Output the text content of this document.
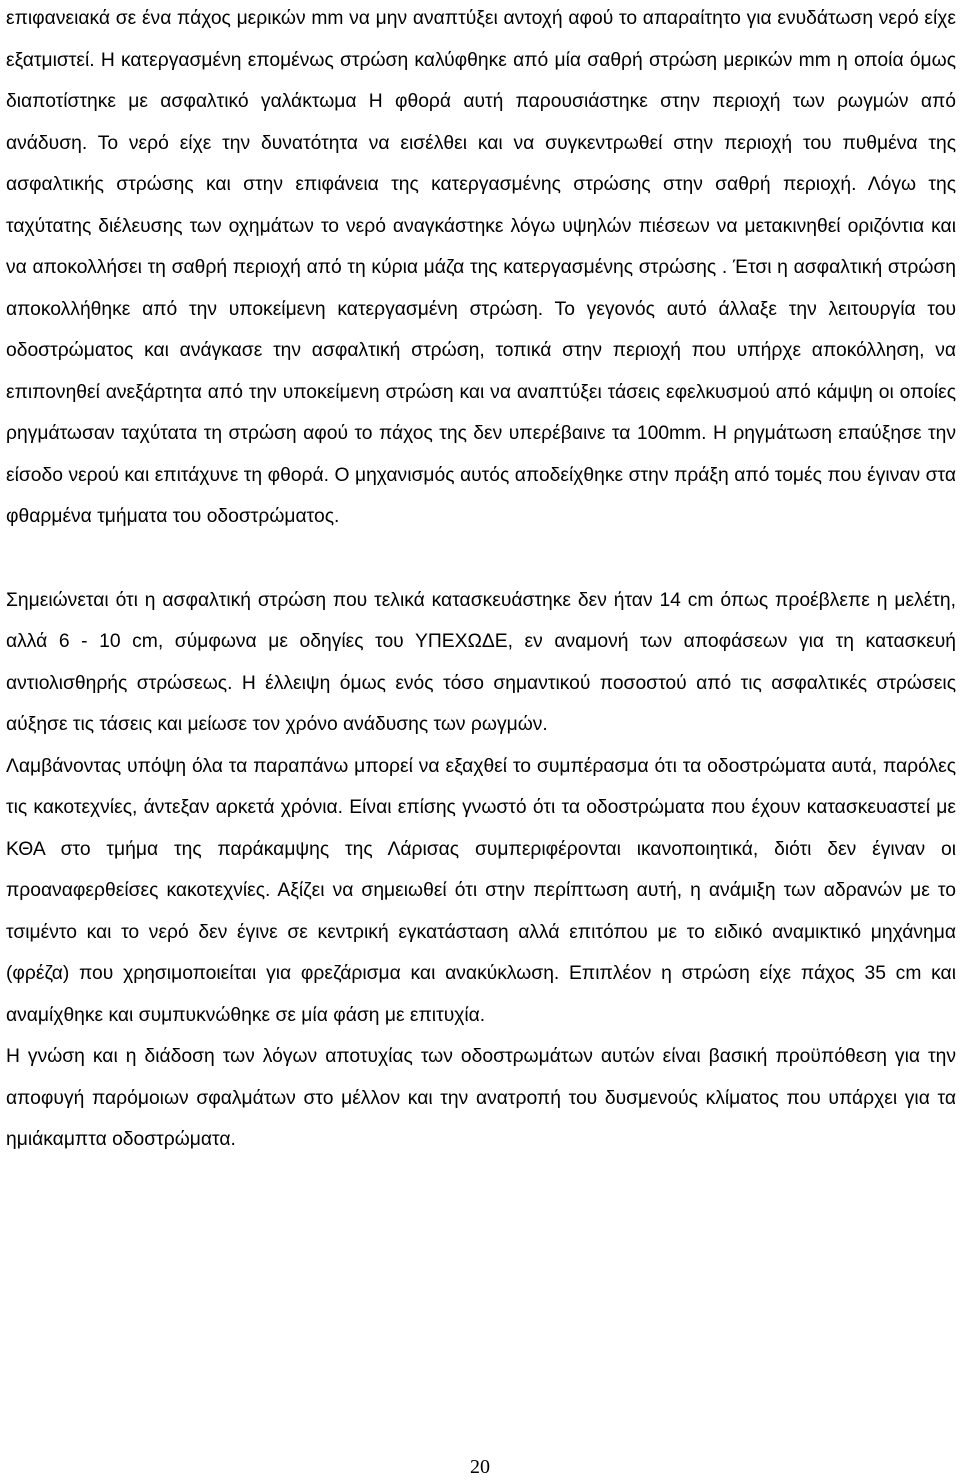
επιφανειακά σε ένα πάχος μερικών mm να μην αναπτύξει αντοχή αφού το απαραίτητο για ενυδάτωση νερό είχε εξατμιστεί. Η κατεργασμένη επομένως στρώση καλύφθηκε από μία σαθρή στρώση μερικών mm η οποία όμως διαποτίστηκε με ασφαλτικό γαλάκτωμα Η φθορά αυτή παρουσιάστηκε στην περιοχή των ρωγμών από ανάδυση. Το νερό είχε την δυνατότητα να εισέλθει και να συγκεντρωθεί στην περιοχή του πυθμένα της ασφαλτικής στρώσης και στην επιφάνεια της κατεργασμένης στρώσης στην σαθρή περιοχή. Λόγω της ταχύτατης διέλευσης των οχημάτων το νερό αναγκάστηκε λόγω υψηλών πιέσεων να μετακινηθεί οριζόντια και να αποκολλήσει τη σαθρή περιοχή από τη κύρια μάζα της κατεργασμένης στρώσης . Έτσι η ασφαλτική στρώση αποκολλήθηκε από την υποκείμενη κατεργασμένη στρώση. Το γεγονός αυτό άλλαξε την λειτουργία του οδοστρώματος και ανάγκασε την ασφαλτική στρώση, τοπικά στην περιοχή που υπήρχε αποκόλληση, να επιπονηθεί ανεξάρτητα από την υποκείμενη στρώση και να αναπτύξει τάσεις εφελκυσμού από κάμψη οι οποίες ρηγμάτωσαν ταχύτατα τη στρώση αφού το πάχος της δεν υπερέβαινε τα 100mm. Η ρηγμάτωση επαύξησε την είσοδο νερού και επιτάχυνε τη φθορά. Ο μηχανισμός αυτός αποδείχθηκε στην πράξη από τομές που έγιναν στα φθαρμένα τμήματα του οδοστρώματος.

Σημειώνεται ότι η ασφαλτική στρώση που τελικά κατασκευάστηκε δεν ήταν 14 cm όπως προέβλεπε η μελέτη, αλλά 6 - 10 cm, σύμφωνα με οδηγίες του ΥΠΕΧΩΔΕ, εν αναμονή των αποφάσεων για τη κατασκευή αντιολισθηρής στρώσεως. Η έλλειψη όμως ενός τόσο σημαντικού ποσοστού από τις ασφαλτικές στρώσεις αύξησε τις τάσεις και μείωσε τον χρόνο ανάδυσης των ρωγμών.

Λαμβάνοντας υπόψη όλα τα παραπάνω μπορεί να εξαχθεί το συμπέρασμα ότι τα οδοστρώματα αυτά, παρόλες τις κακοτεχνίες, άντεξαν αρκετά χρόνια. Είναι επίσης γνωστό ότι τα οδοστρώματα που έχουν κατασκευαστεί με ΚΘΑ στο τμήμα της παράκαμψης της Λάρισας συμπεριφέρονται ικανοποιητικά, διότι δεν έγιναν οι προαναφερθείσες κακοτεχνίες. Αξίζει να σημειωθεί ότι στην περίπτωση αυτή, η ανάμιξη των αδρανών με το τσιμέντο και το νερό δεν έγινε σε κεντρική εγκατάσταση αλλά επιτόπου με το ειδικό αναμικτικό μηχάνημα (φρέζα) που χρησιμοποιείται για φρεζάρισμα και ανακύκλωση. Επιπλέον η στρώση είχε πάχος 35 cm και αναμίχθηκε και συμπυκνώθηκε σε μία φάση με επιτυχία.

Η γνώση και η διάδοση των λόγων αποτυχίας των οδοστρωμάτων αυτών είναι βασική προϋπόθεση για την αποφυγή παρόμοιων σφαλμάτων στο μέλλον και την ανατροπή του δυσμενούς κλίματος που υπάρχει για τα ημιάκαμπτα οδοστρώματα.

20
